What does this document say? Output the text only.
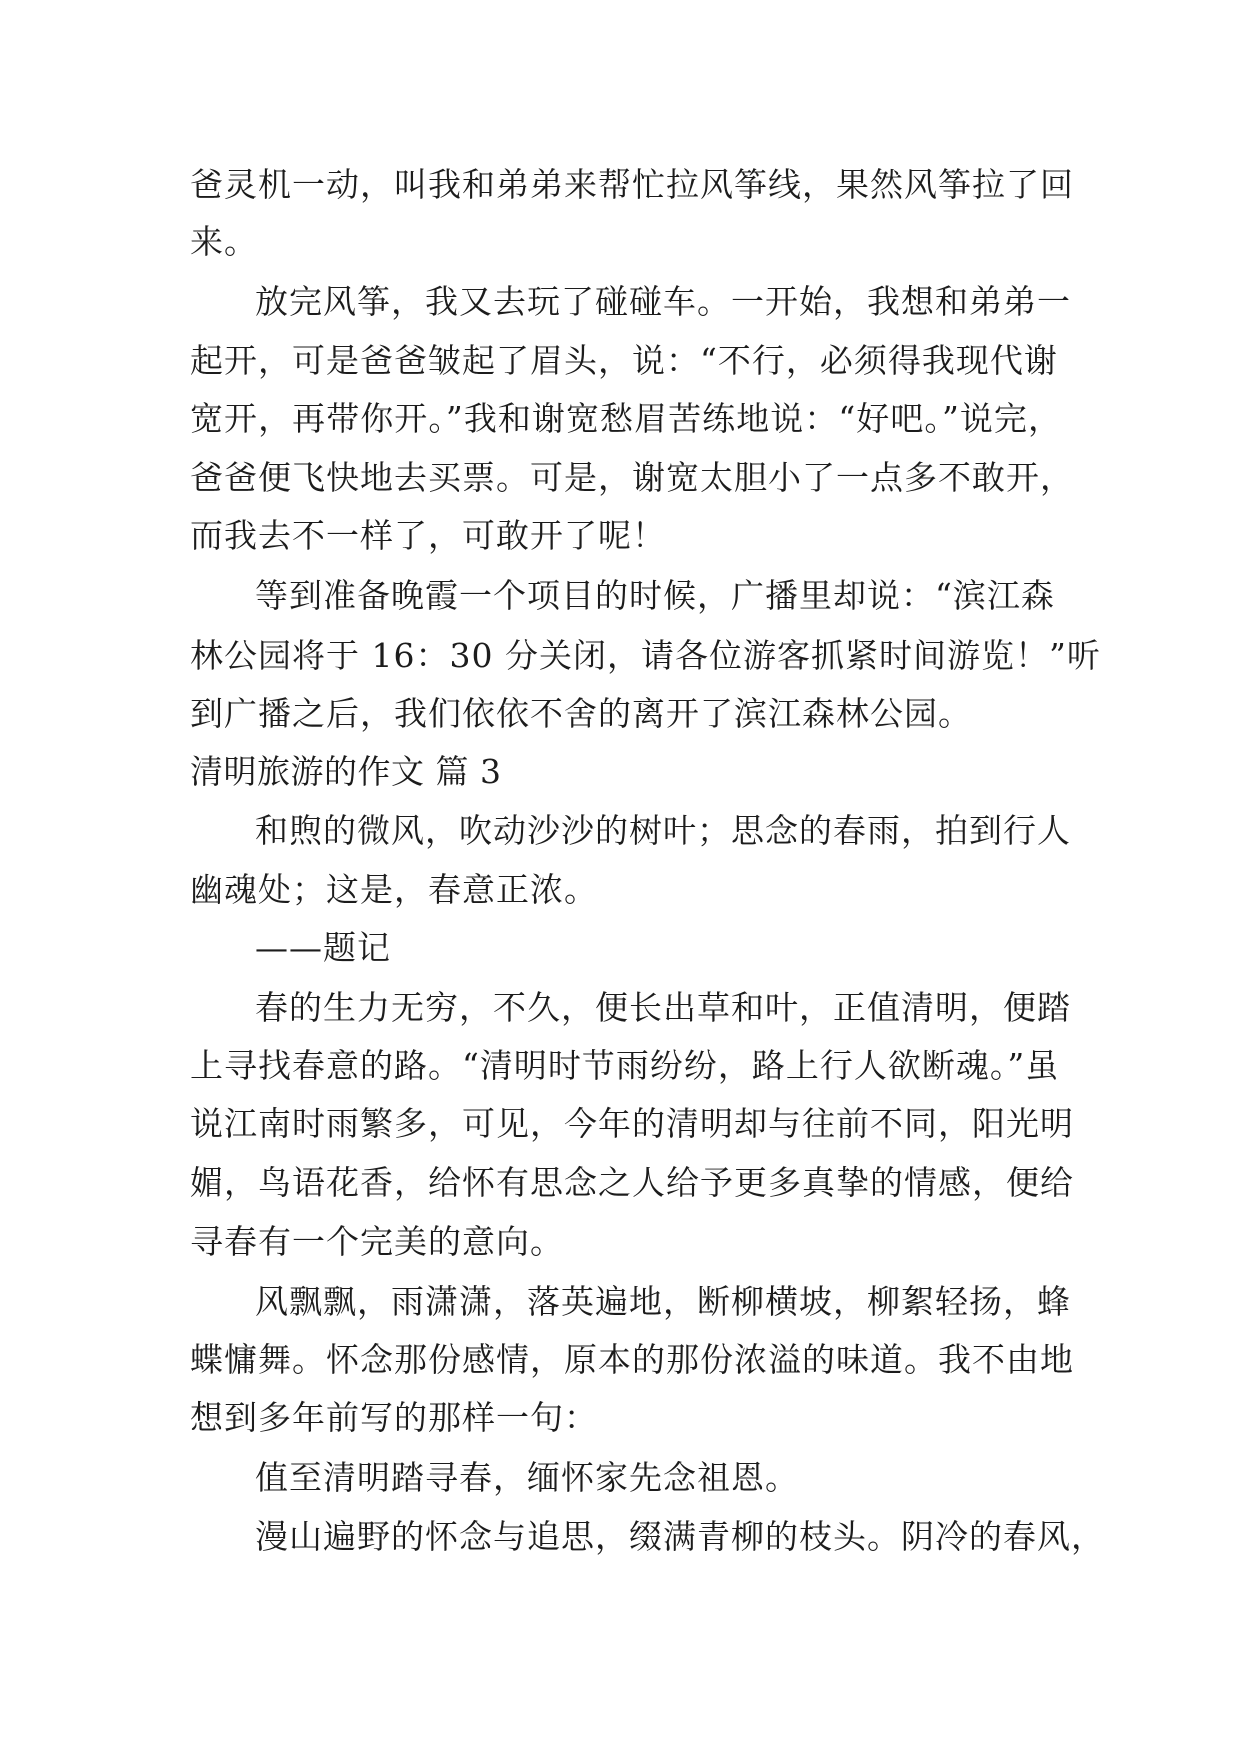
爸灵机一动，叫我和弟弟来帮忙拉风筝线，果然风筝拉了回
来。
放完风筝，我又去玩了碰碰车。一开始，我想和弟弟一
起开，可是爸爸皱起了眉头，说：“不行，必须得我现代谢
宽开，再带你开。”我和谢宽愁眉苦练地说：“好吧。”说完，
爸爸便飞快地去买票。可是，谢宽太胆小了一点多不敢开，
而我去不一样了，可敢开了呢！
等到准备晚霞一个项目的时候，广播里却说：“滨江森
林公园将于 16：30 分关闭，请各位游客抓紧时间游览！”听
到广播之后，我们依依不舍的离开了滨江森林公园。
清明旅游的作文 篇 3
和煦的微风，吹动沙沙的树叶；思念的春雨，拍到行人
幽魂处；这是，春意正浓。
——题记
春的生力无穷，不久，便长出草和叶，正值清明，便踏
上寻找春意的路。“清明时节雨纷纷，路上行人欲断魂。”虽
说江南时雨繁多，可见，今年的清明却与往前不同，阳光明
媚，鸟语花香，给怀有思念之人给予更多真挚的情感，便给
寻春有一个完美的意向。
风飘飘，雨潇潇，落英遍地，断柳横坡，柳絮轻扬，蜂
蝶慵舞。怀念那份感情，原本的那份浓溢的味道。我不由地
想到多年前写的那样一句：
值至清明踏寻春，缅怀家先念祖恩。
漫山遍野的怀念与追思，缀满青柳的枝头。阴冷的春风，
